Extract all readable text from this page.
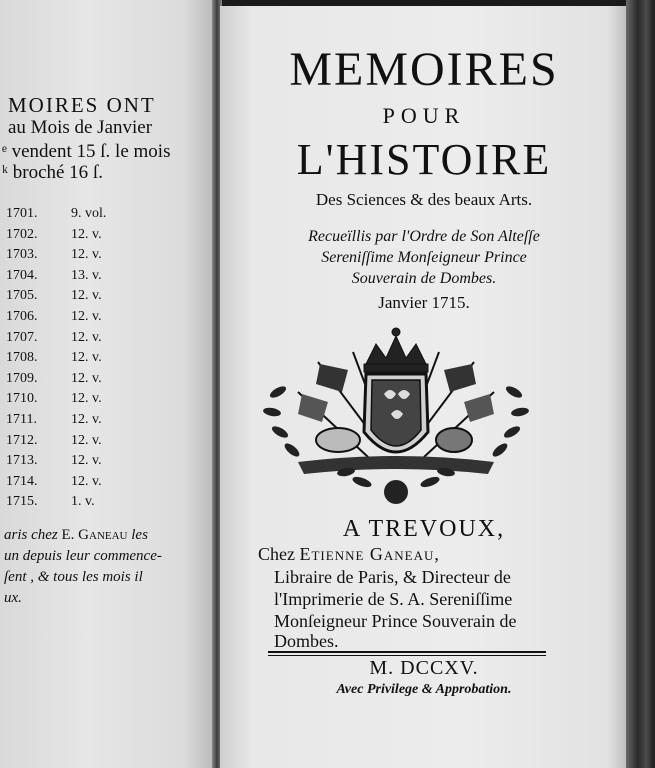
MOIRES ONT
au Mois de Janvier
ᵉ vendent 15 ſ. le mois
ᵏ broché 16 ſ.
1701.	9. vol.
1702.	12. v.
1703.	12. v.
1704.	13. v.
1705.	12. v.
1706.	12. v.
1707.	12. v.
1708.	12. v.
1709.	12. v.
1710.	12. v.
1711.	12. v.
1712.	12. v.
1713.	12. v.
1714.	12. v.
1715.	1. v.
aris chez E. Ganeau les
un depuis leur commence-
ſent , & tous les mois il
ux.
MEMOIRES
POUR
L'HISTOIRE
Des Sciences & des beaux Arts.
Recueïllis par l'Ordre de Son Alteſſe
Sereniſſime Monſeigneur Prince
Souverain de Dombes.
Janvier 1715.
A TREVOUX,
Chez Etienne Ganeau,
Libraire de Paris, & Directeur de
l'Imprimerie de S. A. Sereniſſime
Monſeigneur Prince Souverain de
Dombes.
M. DCCXV.
Avec Privilege & Approbation.
